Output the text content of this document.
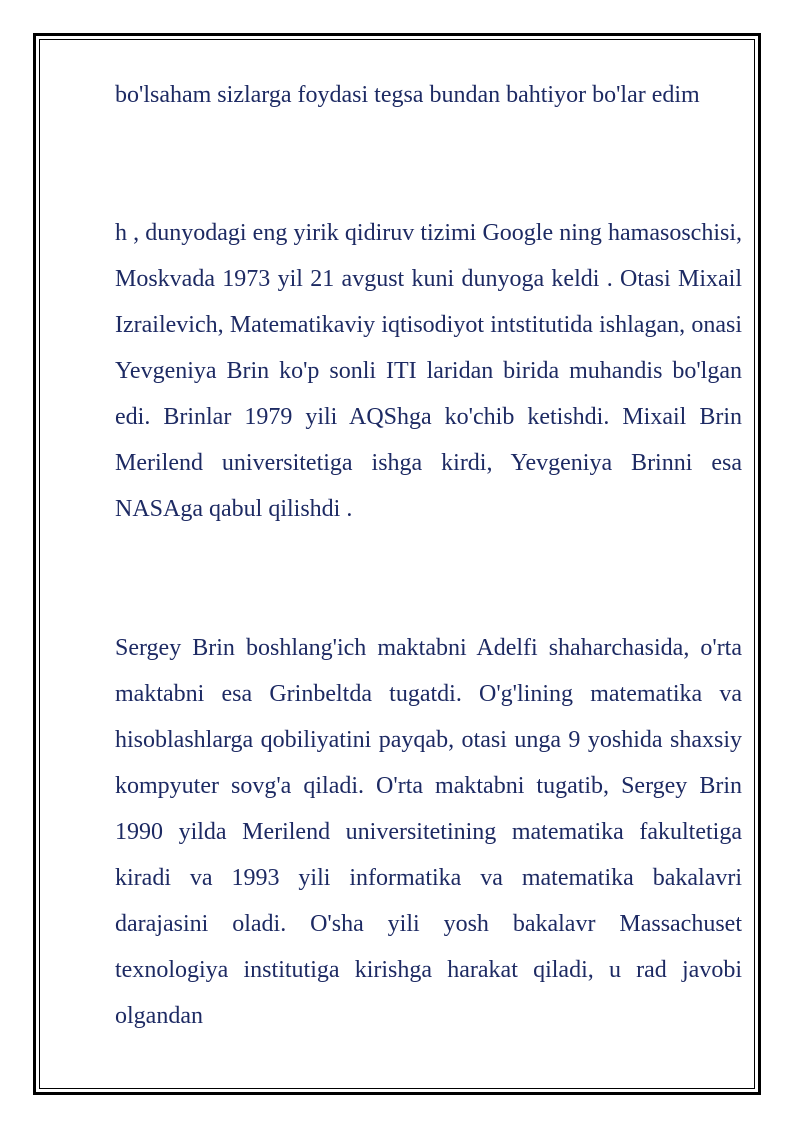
bo'lsaham sizlarga foydasi tegsa bundan bahtiyor bo'lar edim

h , dunyodagi eng yirik qidiruv tizimi Google ning hamasoschisi, Moskvada 1973 yil 21 avgust kuni dunyoga keldi . Otasi Mixail Izrailevich, Matematikaviy iqtisodiyot intstitutida ishlagan, onasi Yevgeniya Brin ko'p sonli ITI laridan birida muhandis bo'lgan edi. Brinlar 1979 yili AQShga ko'chib ketishdi. Mixail Brin Merilend universitetiga ishga kirdi, Yevgeniya Brinni esa NASAga qabul qilishdi .

Sergey Brin boshlang'ich maktabni Adelfi shaharchasida, o'rta maktabni esa Grinbeltda tugatdi. O'g'lining matematika va hisoblashlarga qobiliyatini payqab, otasi unga 9 yoshida shaxsiy kompyuter sovg'a qiladi. O'rta maktabni tugatib, Sergey Brin 1990 yilda Merilend universitetining matematika fakultetiga kiradi va 1993 yili informatika va matematika bakalavri darajasini oladi. O'sha yili yosh bakalavr Massachuset texnologiya institutiga kirishga harakat qiladi, u rad javobi olgandan
